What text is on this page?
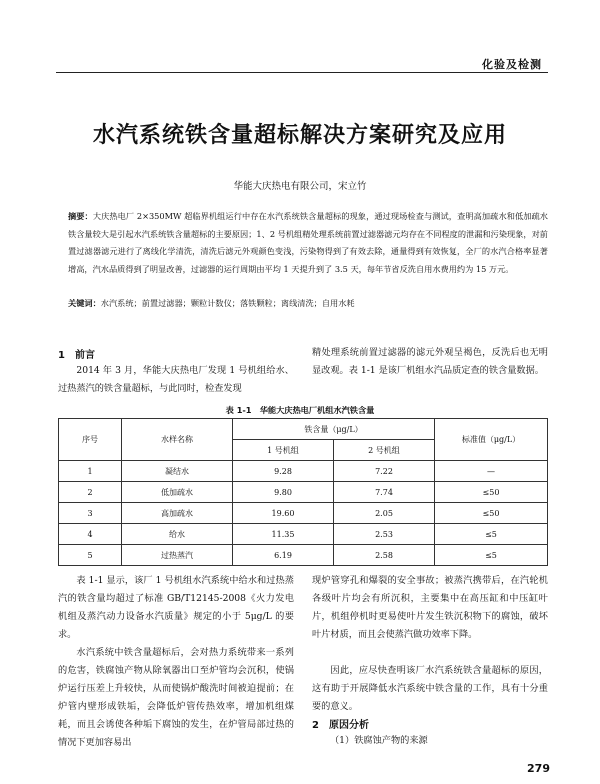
化验及检测
水汽系统铁含量超标解决方案研究及应用
华能大庆热电有限公司，宋立竹

摘要：大庆热电厂 2×350MW 超临界机组运行中存在水汽系统铁含量超标的现象，通过现场检查与测试，查明高加疏水和低加疏水铁含量较大是引起水汽系统铁含量超标的主要原因；1、2 号机组精处理系统前置过滤器滤元均存在不同程度的泄漏和污染现象，对前置过滤器滤元进行了离线化学清洗，清洗后滤元外观颜色变浅，污染物得到了有效去除，通量得到有效恢复，全厂的水汽合格率显著增高，汽水品质得到了明显改善，过滤器的运行周期由平均 1 天提升到了 3.5 天，每年节省反洗自用水费用约为 15 万元。

关键词：水汽系统；前置过滤器；颗粒计数仪；落铁颗粒；离线清洗；自用水耗

1　前言

2014 年 3 月，华能大庆热电厂发现 1 号机组给水、过热蒸汽的铁含量超标，与此同时，检查发现

精处理系统前置过滤器的滤元外观呈褐色，反洗后也无明显改观。表 1-1 是该厂机组水汽品质定查的铁含量数据。

表 1-1　华能大庆热电厂机组水汽铁含量
序号	水样名称	铁含量（μg/L）		标准值（μg/L）
		1 号机组	2 号机组	
1	凝结水	9.28	7.22	—
2	低加疏水	9.80	7.74	≤50
3	高加疏水	19.60	2.05	≤50
4	给水	11.35	2.53	≤5
5	过热蒸汽	6.19	2.58	≤5

表 1-1 显示，该厂 1 号机组水汽系统中给水和过热蒸汽的铁含量均超过了标准 GB/T12145-2008《火力发电机组及蒸汽动力设备水汽质量》规定的小于 5μg/L 的要求。

水汽系统中铁含量超标后，会对热力系统带来一系列的危害，铁腐蚀产物从除氧器出口至炉管均会沉积，使锅炉运行压差上升较快，从而使锅炉酸洗时间被迫提前；在炉管内壁形成铁垢，会降低炉管传热效率，增加机组煤耗，而且会诱使各种垢下腐蚀的发生，在炉管局部过热的情况下更加容易出

现炉管穿孔和爆裂的安全事故；被蒸汽携带后，在汽轮机各级叶片均会有所沉积，主要集中在高压缸和中压缸叶片，机组停机时更易使叶片发生铁沉积物下的腐蚀，破坏叶片材质，而且会使蒸汽做功效率下降。

因此，应尽快查明该厂水汽系统铁含量超标的原因，这有助于开展降低水汽系统中铁含量的工作，具有十分重要的意义。

2　原因分析
（1）铁腐蚀产物的来源
279
